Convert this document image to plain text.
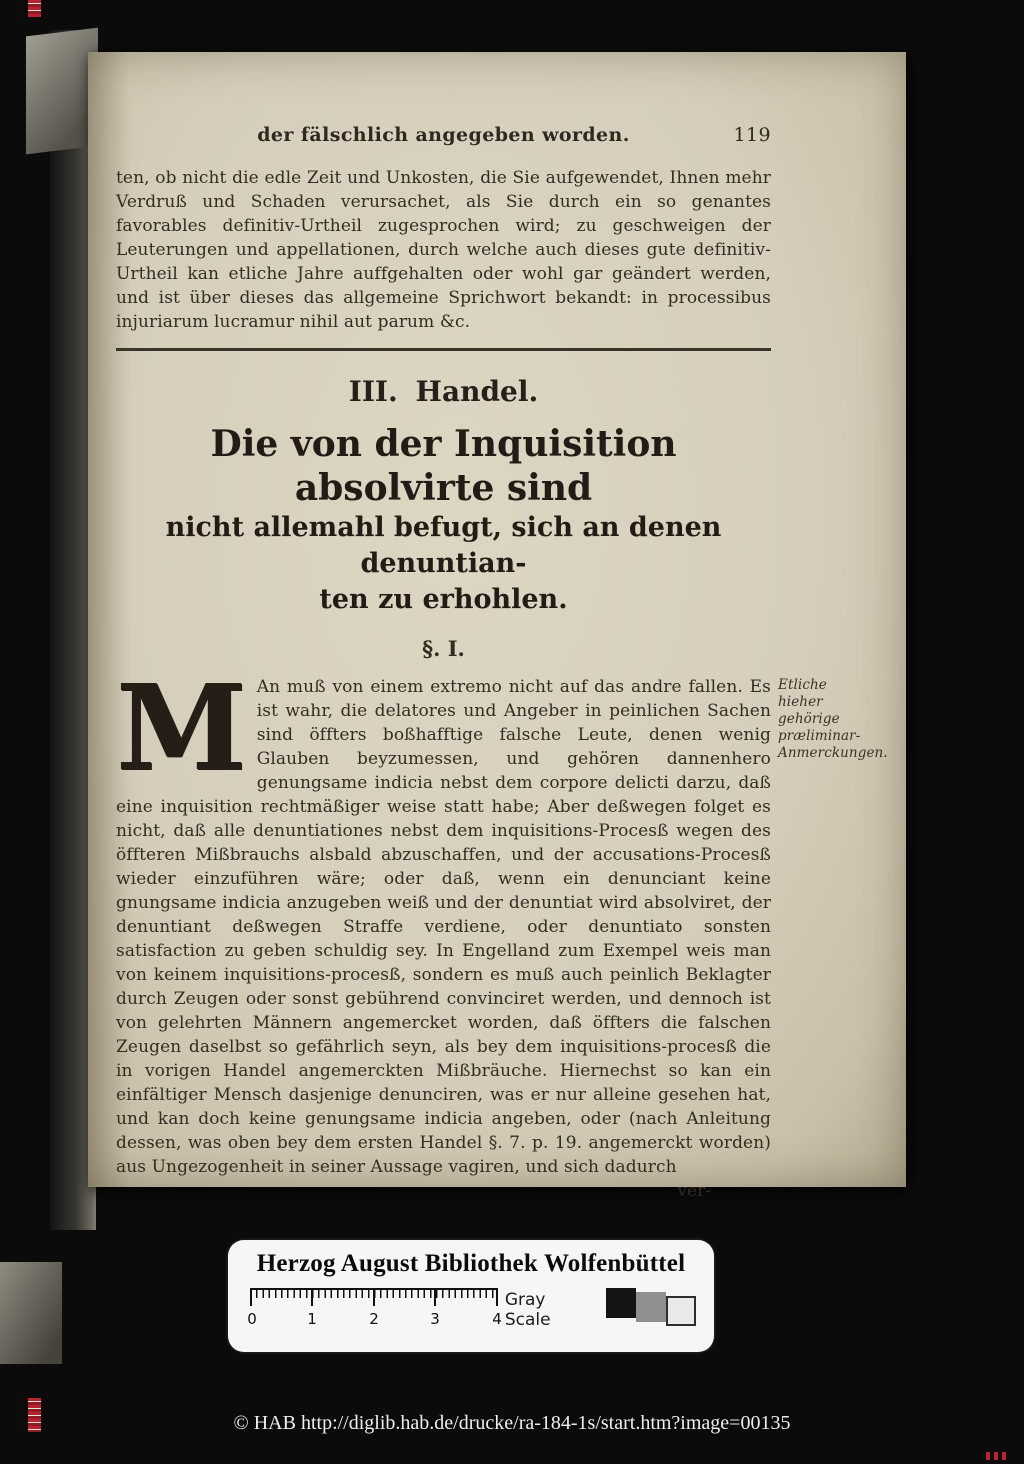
der fälschlich angegeben worden.	119

ten, ob nicht die edle Zeit und Unkosten, die Sie aufgewendet, Ihnen mehr Verdruß und Schaden verursachet, als Sie durch ein so genantes favorables definitiv-Urtheil zugesprochen wird; zu geschweigen der Leuterungen und appellationen, durch welche auch dieses gute definitiv-Urtheil kan etliche Jahre auffgehalten oder wohl gar geändert werden, und ist über dieses das allgemeine Sprichwort bekandt: in processibus injuriarum lucramur nihil aut parum &c.

III. Handel.
Die von der Inquisition absolvirte sind
nicht allemahl befugt, sich an denen denuntian-
ten zu erhohlen.
§. I.
M An muß von einem extremo nicht auf das andre fallen. Es ist wahr, die delatores und Angeber in peinlichen Sachen sind öffters boßhafftige falsche Leute, denen wenig Glauben beyzumessen, und gehören dannenhero genungsame indicia nebst dem corpore delicti darzu, daß eine inquisition rechtmäßiger weise statt habe; Aber deßwegen folget es nicht, daß alle denuntiationes nebst dem inquisitions-Procesß wegen des öffteren Mißbrauchs alsbald abzuschaffen, und der accusations-Procesß wieder einzuführen wäre; oder daß, wenn ein denunciant keine gnungsame indicia anzugeben weiß und der denuntiat wird absolviret, der denuntiant deßwegen Straffe verdiene, oder denuntiato sonsten satisfaction zu geben schuldig sey. In Engelland zum Exempel weis man von keinem inquisitions-procesß, sondern es muß auch peinlich Beklagter durch Zeugen oder sonst gebührend convinciret werden, und dennoch ist von gelehrten Männern angemercket worden, daß öffters die falschen Zeugen daselbst so gefährlich seyn, als bey dem inquisitions-procesß die in vorigen Handel angemerckten Mißbräuche. Hiernechst so kan ein einfältiger Mensch dasjenige denunciren, was er nur alleine gesehen hat, und kan doch keine genungsame indicia angeben, oder (nach Anleitung dessen, was oben bey dem ersten Handel §. 7. p. 19. angemerckt worden) aus Ungezogenheit in seiner Aussage vagiren, und sich dadurch
Etliche hieher gehörige præliminar-Anmerckungen.
ver-
Herzog August Bibliothek Wolfenbüttel
0	1	2	3	4
Gray Scale
© HAB http://diglib.hab.de/drucke/ra-184-1s/start.htm?image=00135
